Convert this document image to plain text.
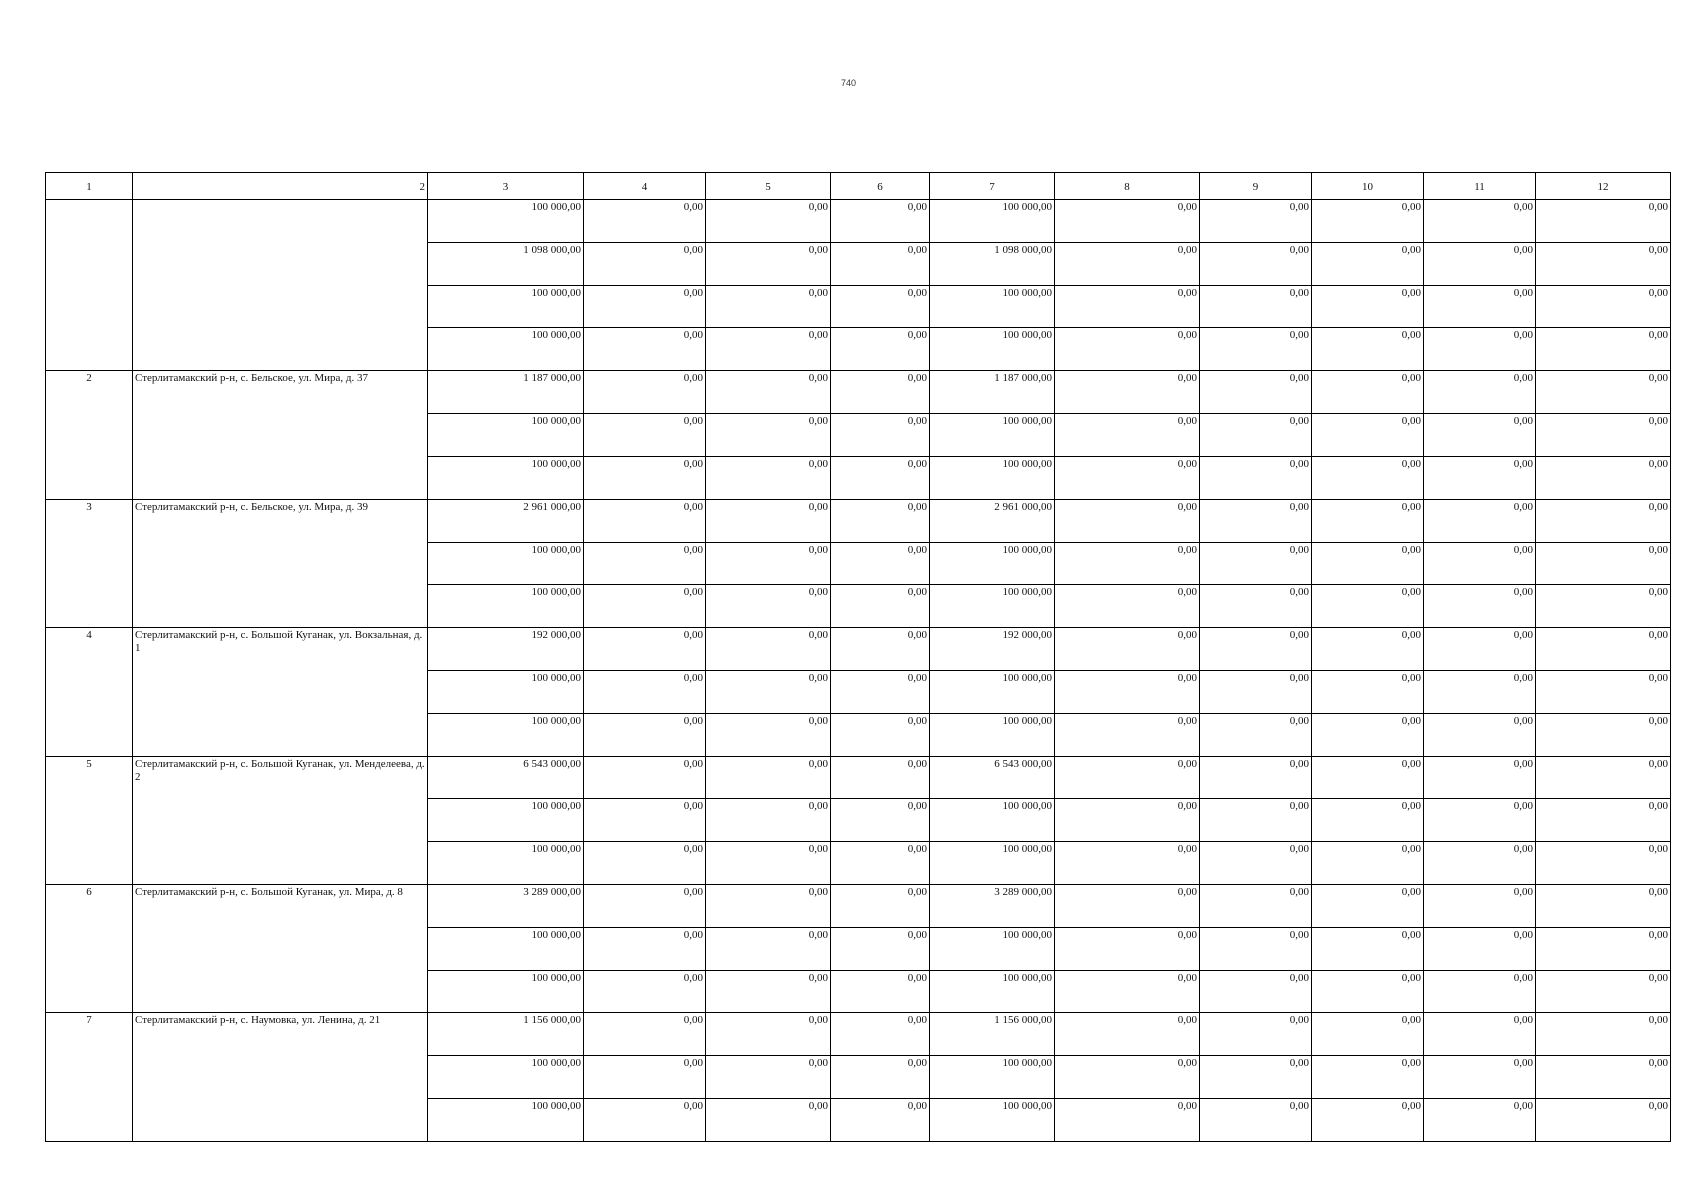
740
1	2	3	4	5	6	7	8	9	10	11	12
		100 000,00	0,00	0,00	0,00	100 000,00	0,00	0,00	0,00	0,00	0,00
		1 098 000,00	0,00	0,00	0,00	1 098 000,00	0,00	0,00	0,00	0,00	0,00
		100 000,00	0,00	0,00	0,00	100 000,00	0,00	0,00	0,00	0,00	0,00
		100 000,00	0,00	0,00	0,00	100 000,00	0,00	0,00	0,00	0,00	0,00
2	Стерлитамакский р-н, с. Бельское, ул. Мира, д. 37	1 187 000,00	0,00	0,00	0,00	1 187 000,00	0,00	0,00	0,00	0,00	0,00
		100 000,00	0,00	0,00	0,00	100 000,00	0,00	0,00	0,00	0,00	0,00
		100 000,00	0,00	0,00	0,00	100 000,00	0,00	0,00	0,00	0,00	0,00
3	Стерлитамакский р-н, с. Бельское, ул. Мира, д. 39	2 961 000,00	0,00	0,00	0,00	2 961 000,00	0,00	0,00	0,00	0,00	0,00
		100 000,00	0,00	0,00	0,00	100 000,00	0,00	0,00	0,00	0,00	0,00
		100 000,00	0,00	0,00	0,00	100 000,00	0,00	0,00	0,00	0,00	0,00
4	Стерлитамакский р-н, с. Большой Куганак, ул. Вокзальная, д. 1	192 000,00	0,00	0,00	0,00	192 000,00	0,00	0,00	0,00	0,00	0,00
		100 000,00	0,00	0,00	0,00	100 000,00	0,00	0,00	0,00	0,00	0,00
		100 000,00	0,00	0,00	0,00	100 000,00	0,00	0,00	0,00	0,00	0,00
5	Стерлитамакский р-н, с. Большой Куганак, ул. Менделеева, д. 2	6 543 000,00	0,00	0,00	0,00	6 543 000,00	0,00	0,00	0,00	0,00	0,00
		100 000,00	0,00	0,00	0,00	100 000,00	0,00	0,00	0,00	0,00	0,00
		100 000,00	0,00	0,00	0,00	100 000,00	0,00	0,00	0,00	0,00	0,00
6	Стерлитамакский р-н, с. Большой Куганак, ул. Мира, д. 8	3 289 000,00	0,00	0,00	0,00	3 289 000,00	0,00	0,00	0,00	0,00	0,00
		100 000,00	0,00	0,00	0,00	100 000,00	0,00	0,00	0,00	0,00	0,00
		100 000,00	0,00	0,00	0,00	100 000,00	0,00	0,00	0,00	0,00	0,00
7	Стерлитамакский р-н, с. Наумовка, ул. Ленина, д. 21	1 156 000,00	0,00	0,00	0,00	1 156 000,00	0,00	0,00	0,00	0,00	0,00
		100 000,00	0,00	0,00	0,00	100 000,00	0,00	0,00	0,00	0,00	0,00
		100 000,00	0,00	0,00	0,00	100 000,00	0,00	0,00	0,00	0,00	0,00
